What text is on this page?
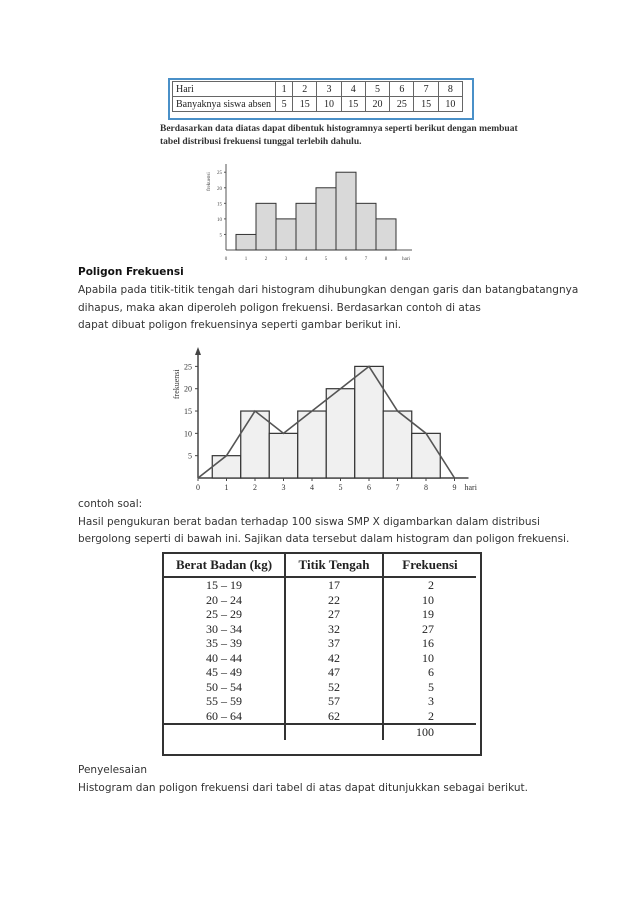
Hari	1	2	3	4	5	6	7	8
Banyaknya siswa absen	5	15	10	15	20	25	15	10
Berdasarkan data diatas dapat dibentuk histogramnya seperti berikut dengan membuat
tabel distribusi frekuensi tunggal terlebih dahulu.
5
10
15
20
25
0	1	2	3	4	5	6	7	8	hari
frekuensi
Poligon Frekuensi
Apabila pada titik-titik tengah dari histogram dihubungkan dengan garis dan batangbatangnya
dihapus, maka akan diperoleh poligon frekuensi. Berdasarkan contoh di atas
dapat dibuat poligon frekuensinya seperti gambar berikut ini.
5
10
15
20
25
0	1	2	3	4	5	6	7	8	9 hari
frekuensi
contoh soal:
Hasil pengukuran berat badan terhadap 100 siswa SMP X digambarkan dalam distribusi
bergolong seperti di bawah ini. Sajikan data tersebut dalam histogram dan poligon frekuensi.
Berat Badan (kg)	Titik Tengah	Frekuensi
15 – 19	17	2
20 – 24	22	10
25 – 29	27	19
30 – 34	32	27
35 – 39	37	16
40 – 44	42	10
45 – 49	47	6
50 – 54	52	5
55 – 59	57	3
60 – 64	62	2
		100
Penyelesaian
Histogram dan poligon frekuensi dari tabel di atas dapat ditunjukkan sebagai berikut.
